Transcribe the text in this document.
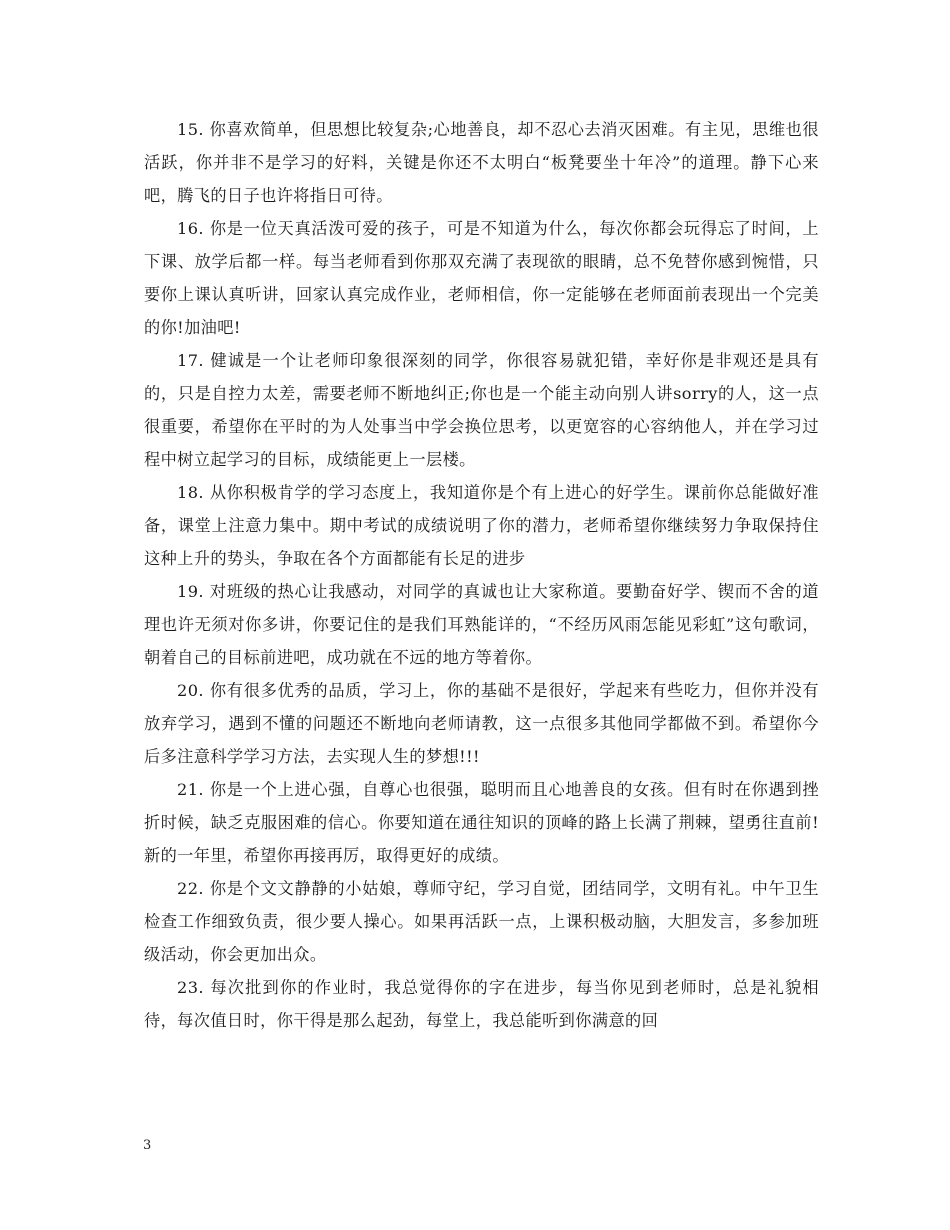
15. 你喜欢简单，但思想比较复杂;心地善良，却不忍心去消灭困难。有主见，思维也很活跃，你并非不是学习的好料，关键是你还不太明白“板凳要坐十年冷”的道理。静下心来吧，腾飞的日子也许将指日可待。

16. 你是一位天真活泼可爱的孩子，可是不知道为什么，每次你都会玩得忘了时间，上下课、放学后都一样。每当老师看到你那双充满了表现欲的眼睛，总不免替你感到惋惜，只要你上课认真听讲，回家认真完成作业，老师相信，你一定能够在老师面前表现出一个完美的你!加油吧!

17. 健诚是一个让老师印象很深刻的同学，你很容易就犯错，幸好你是非观还是具有的，只是自控力太差，需要老师不断地纠正;你也是一个能主动向别人讲sorry的人，这一点很重要，希望你在平时的为人处事当中学会换位思考，以更宽容的心容纳他人，并在学习过程中树立起学习的目标，成绩能更上一层楼。

18. 从你积极肯学的学习态度上，我知道你是个有上进心的好学生。课前你总能做好准备，课堂上注意力集中。期中考试的成绩说明了你的潜力，老师希望你继续努力争取保持住这种上升的势头，争取在各个方面都能有长足的进步

19. 对班级的热心让我感动，对同学的真诚也让大家称道。要勤奋好学、锲而不舍的道理也许无须对你多讲，你要记住的是我们耳熟能详的，“不经历风雨怎能见彩虹”这句歌词，朝着自己的目标前进吧，成功就在不远的地方等着你。

20. 你有很多优秀的品质，学习上，你的基础不是很好，学起来有些吃力，但你并没有放弃学习，遇到不懂的问题还不断地向老师请教，这一点很多其他同学都做不到。希望你今后多注意科学学习方法，去实现人生的梦想!!!

21. 你是一个上进心强，自尊心也很强，聪明而且心地善良的女孩。但有时在你遇到挫折时候，缺乏克服困难的信心。你要知道在通往知识的顶峰的路上长满了荆棘，望勇往直前!新的一年里，希望你再接再厉，取得更好的成绩。

22. 你是个文文静静的小姑娘，尊师守纪，学习自觉，团结同学，文明有礼。中午卫生检查工作细致负责，很少要人操心。如果再活跃一点，上课积极动脑，大胆发言，多参加班级活动，你会更加出众。

23. 每次批到你的作业时，我总觉得你的字在进步，每当你见到老师时，总是礼貌相待，每次值日时，你干得是那么起劲，每堂上，我总能听到你满意的回

3
